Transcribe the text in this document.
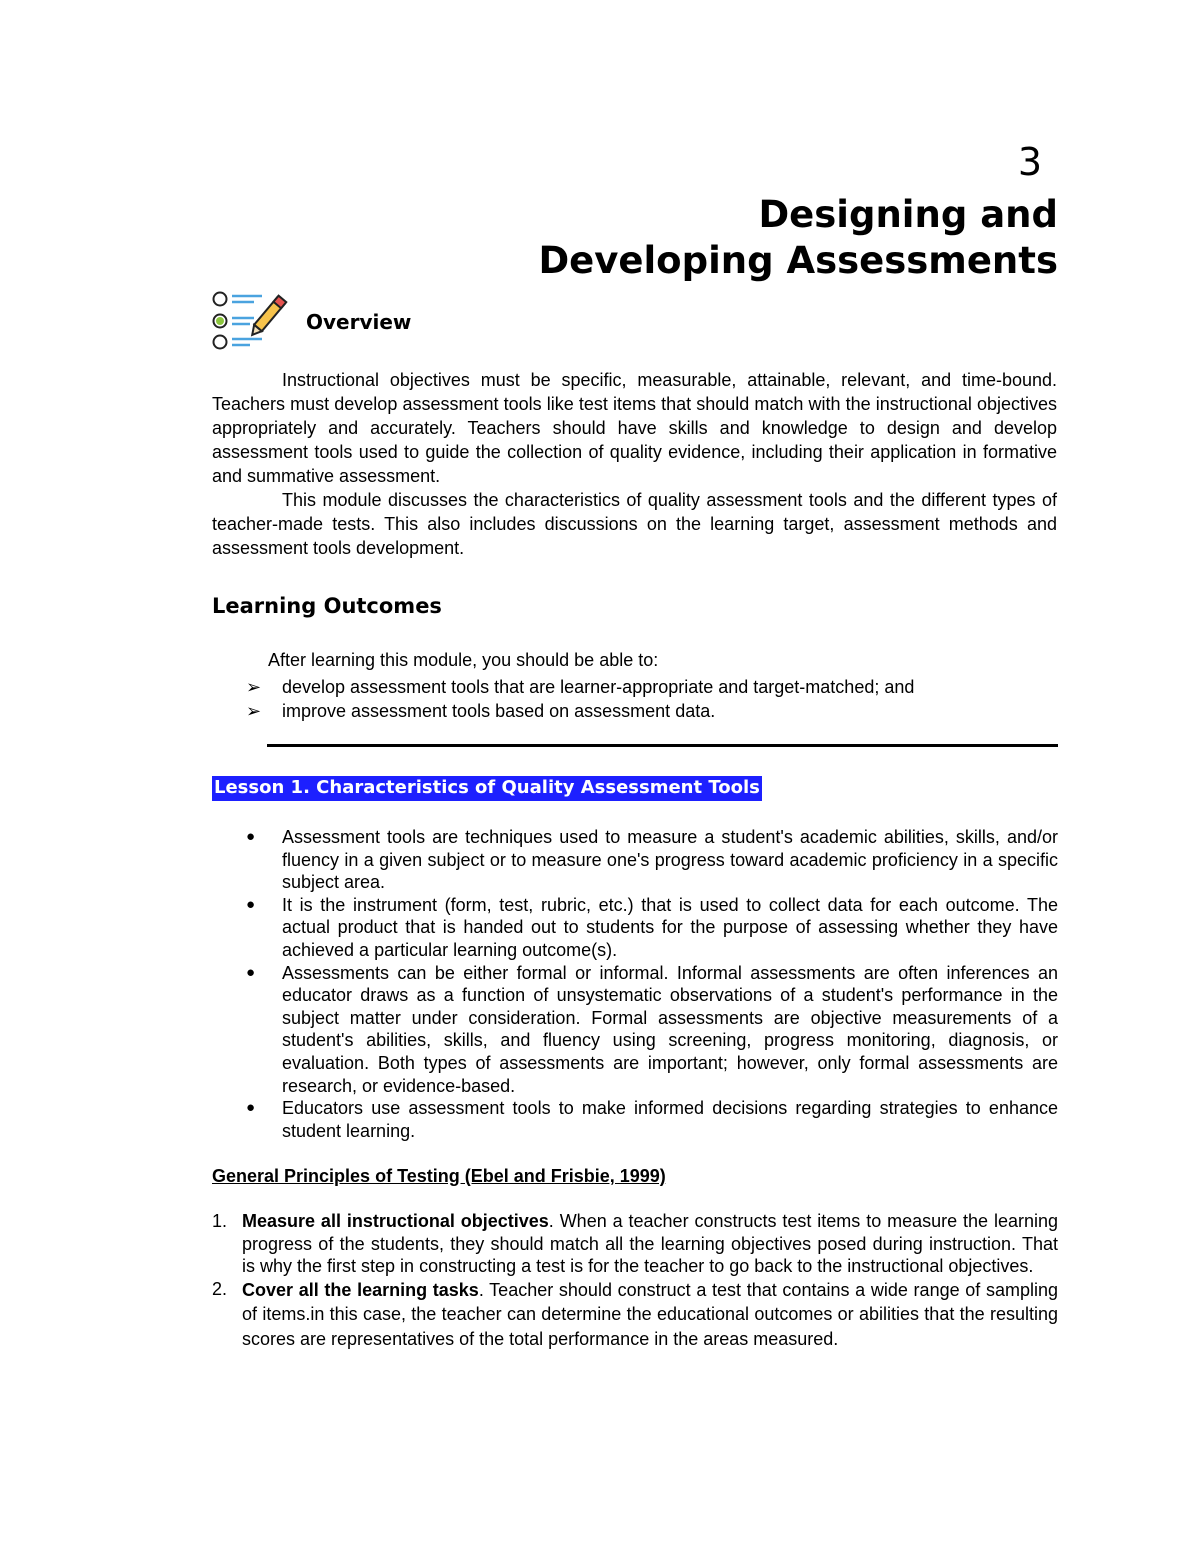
3
Designing and
Developing Assessments
Overview
Instructional objectives must be specific, measurable, attainable, relevant, and time-bound. Teachers must develop assessment tools like test items that should match with the instructional objectives appropriately and accurately. Teachers should have skills and knowledge to design and develop assessment tools used to guide the collection of quality evidence, including their application in formative and summative assessment.
This module discusses the characteristics of quality assessment tools and the different types of teacher-made tests. This also includes discussions on the learning target, assessment methods and assessment tools development.
Learning Outcomes
After learning this module, you should be able to:
➢	develop assessment tools that are learner-appropriate and target-matched; and
➢	improve assessment tools based on assessment data.
Lesson 1. Characteristics of Quality Assessment Tools
●	Assessment tools are techniques used to measure a student's academic abilities, skills, and/or fluency in a given subject or to measure one's progress toward academic proficiency in a specific subject area.
●	It is the instrument (form, test, rubric, etc.) that is used to collect data for each outcome. The actual product that is handed out to students for the purpose of assessing whether they have achieved a particular learning outcome(s).
●	Assessments can be either formal or informal. Informal assessments are often inferences an educator draws as a function of unsystematic observations of a student's performance in the subject matter under consideration. Formal assessments are objective measurements of a student's abilities, skills, and fluency using screening, progress monitoring, diagnosis, or evaluation. Both types of assessments are important; however, only formal assessments are research, or evidence-based.
●	Educators use assessment tools to make informed decisions regarding strategies to enhance student learning.
General Principles of Testing (Ebel and Frisbie, 1999)
1. Measure all instructional objectives. When a teacher constructs test items to measure the learning progress of the students, they should match all the learning objectives posed during instruction. That is why the first step in constructing a test is for the teacher to go back to the instructional objectives.
2. Cover all the learning tasks. Teacher should construct a test that contains a wide range of sampling of items.in this case, the teacher can determine the educational outcomes or abilities that the resulting scores are representatives of the total performance in the areas measured.
